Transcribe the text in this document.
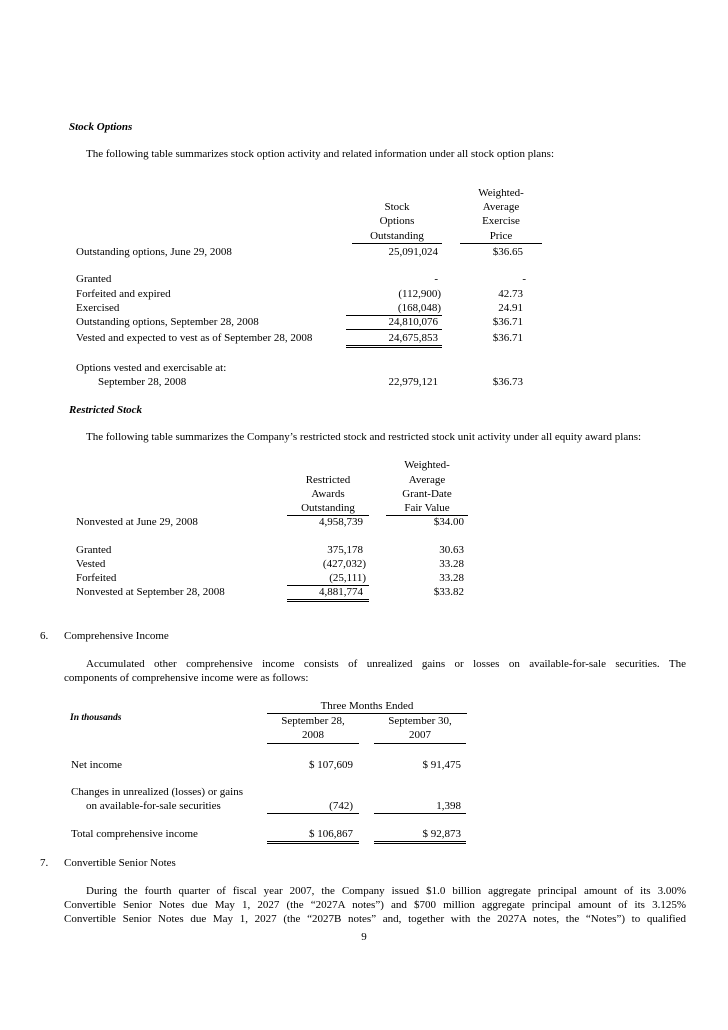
Stock Options
The following table summarizes stock option activity and related information under all stock option plans:
Stock
Options
Outstanding
Weighted-
Average
Exercise
Price
Outstanding options, June 29, 2008	25,091,024	$36.65
Granted	-	-
Forfeited and expired	(112,900)	42.73
Exercised	(168,048)	24.91
Outstanding options, September 28, 2008	24,810,076	$36.71
Vested and expected to vest as of September 28, 2008	24,675,853	$36.71
Options vested and exercisable at:
September 28, 2008	22,979,121	$36.73
Restricted Stock
The following table summarizes the Company’s restricted stock and restricted stock unit activity under all equity award plans:
Restricted
Awards
Outstanding
Weighted-
Average
Grant-Date
Fair Value
Nonvested at June 29, 2008	4,958,739	$34.00
Granted	375,178	30.63
Vested	(427,032)	33.28
Forfeited	(25,111)	33.28
Nonvested at September 28, 2008	4,881,774	$33.82
6. Comprehensive Income
Accumulated other comprehensive income consists of unrealized gains or losses on available-for-sale securities. The
components of comprehensive income were as follows:
Three Months Ended
In thousands	September 28,
2008
September 30,
2007
Net income	$ 107,609	$ 91,475
Changes in unrealized (losses) or gains
on available-for-sale securities	(742)	1,398
Total comprehensive income	$ 106,867	$ 92,873
7. Convertible Senior Notes
During the fourth quarter of fiscal year 2007, the Company issued $1.0 billion aggregate principal amount of its 3.00%
Convertible Senior Notes due May 1, 2027 (the “2027A notes”) and $700 million aggregate principal amount of its 3.125%
Convertible Senior Notes due May 1, 2027 (the “2027B notes” and, together with the 2027A notes, the “Notes”) to qualified
9
